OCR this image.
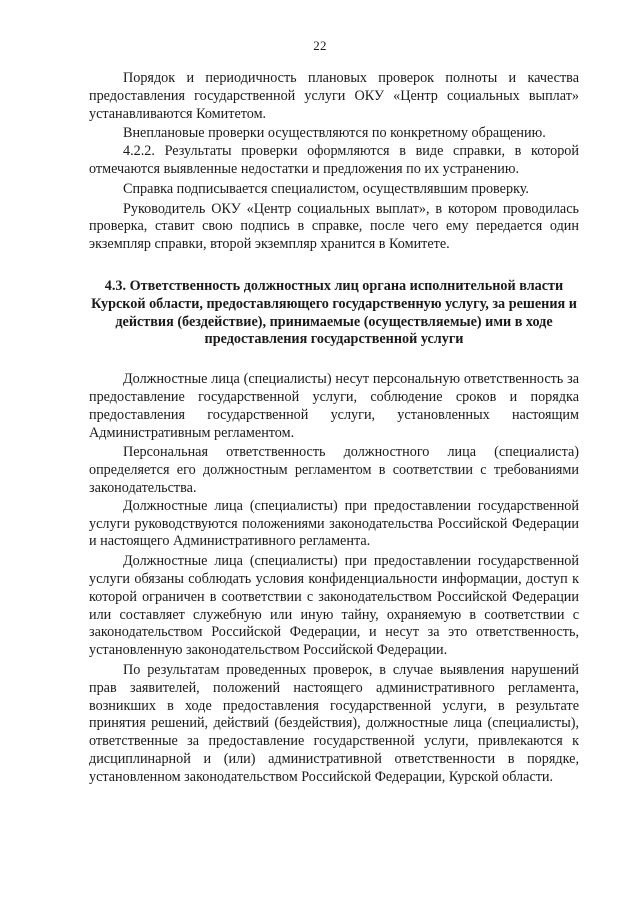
22

Порядок и периодичность плановых проверок полноты и качества предоставления государственной услуги ОКУ «Центр социальных выплат» устанавливаются Комитетом.

Внеплановые проверки осуществляются по конкретному обращению.

4.2.2. Результаты проверки оформляются в виде справки, в которой отмечаются выявленные недостатки и предложения по их устранению.

Справка подписывается специалистом, осуществлявшим проверку.

Руководитель ОКУ «Центр социальных выплат», в котором проводилась проверка, ставит свою подпись в справке, после чего ему передается один экземпляр справки, второй экземпляр хранится в Комитете.

4.3. Ответственность должностных лиц органа исполнительной власти Курской области, предоставляющего государственную услугу, за решения и действия (бездействие), принимаемые (осуществляемые) ими в ходе предоставления государственной услуги

Должностные лица (специалисты) несут персональную ответственность за предоставление государственной услуги, соблюдение сроков и порядка предоставления государственной услуги, установленных настоящим Административным регламентом.

Персональная ответственность должностного лица (специалиста) определяется его должностным регламентом в соответствии с требованиями законодательства.

Должностные лица (специалисты) при предоставлении государственной услуги руководствуются положениями законодательства Российской Федерации и настоящего Административного регламента.

Должностные лица (специалисты) при предоставлении государственной услуги обязаны соблюдать условия конфиденциальности информации, доступ к которой ограничен в соответствии с законодательством Российской Федерации или составляет служебную или иную тайну, охраняемую в соответствии с законодательством Российской Федерации, и несут за это ответственность, установленную законодательством Российской Федерации.

По результатам проведенных проверок, в случае выявления нарушений прав заявителей, положений настоящего административного регламента, возникших в ходе предоставления государственной услуги, в результате принятия решений, действий (бездействия), должностные лица (специалисты), ответственные за предоставление государственной услуги, привлекаются к дисциплинарной и (или) административной ответственности в порядке, установленном законодательством Российской Федерации, Курской области.
